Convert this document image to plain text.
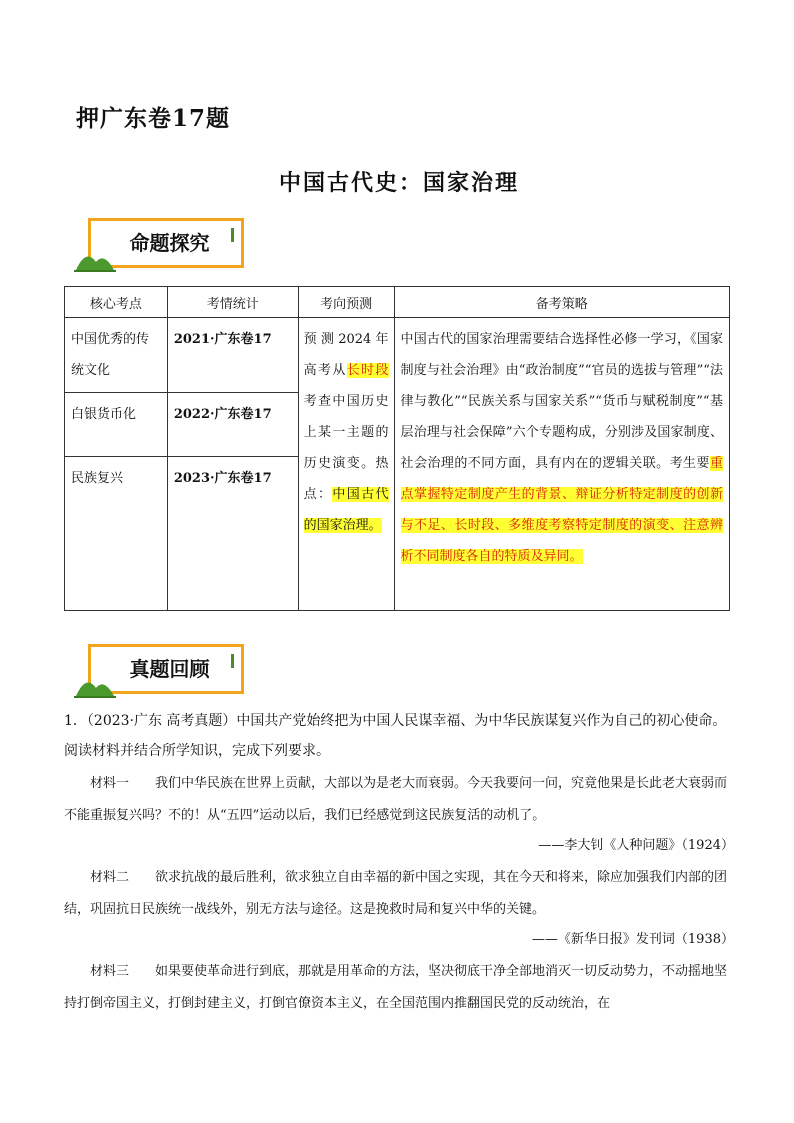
押广东卷17题
中国古代史：国家治理
命题探究
核心考点	考情统计	考向预测	备考策略
中国优秀的传统文化	2021·广东卷17	预测2024年高考从长时段考查中国历史上某一主题的历史演变。热点：中国古代的国家治理。	中国古代的国家治理需要结合选择性必修一学习，《国家制度与社会治理》由“政治制度”“官员的选拔与管理”“法律与教化”“民族关系与国家关系”“货币与赋税制度”“基层治理与社会保障”六个专题构成，分别涉及国家制度、社会治理的不同方面，具有内在的逻辑关联。考生要重点掌握特定制度产生的背景、辩证分析特定制度的创新与不足、长时段、多维度考察特定制度的演变、注意辨析不同制度各自的特质及异同。
白银货币化	2022·广东卷17		
民族复兴	2023·广东卷17		
真题回顾
1．（2023·广东 高考真题）中国共产党始终把为中国人民谋幸福、为中华民族谋复兴作为自己的初心使命。阅读材料并结合所学知识，完成下列要求。
材料一　　我们中华民族在世界上贡献，大部以为是老大而衰弱。今天我要问一问，究竟他果是长此老大衰弱而不能重振复兴吗？不的！从“五四”运动以后，我们已经感觉到这民族复活的动机了。
——李大钊《人种问题》（1924）
材料二　　欲求抗战的最后胜利，欲求独立自由幸福的新中国之实现，其在今天和将来，除应加强我们内部的团结，巩固抗日民族统一战线外，别无方法与途径。这是挽救时局和复兴中华的关键。
——《新华日报》发刊词（1938）
材料三　　如果要使革命进行到底，那就是用革命的方法，坚决彻底干净全部地消灭一切反动势力，不动摇地坚持打倒帝国主义，打倒封建主义，打倒官僚资本主义，在全国范围内推翻国民党的反动统治，在
